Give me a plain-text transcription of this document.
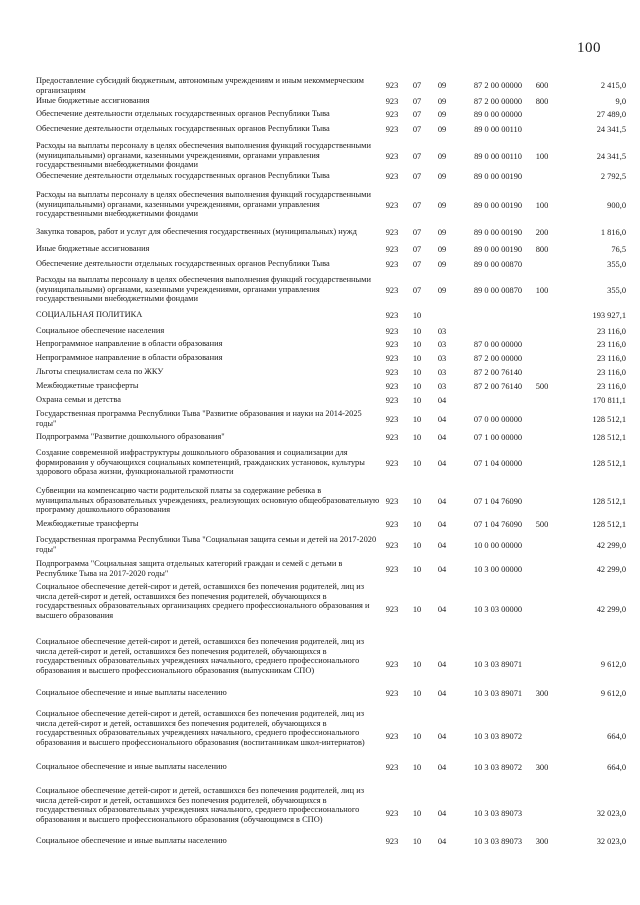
100
Предоставление субсидий бюджетным, автономным учреждениям и иным некоммерческим организациям
923	07	09	87 2 00 00000	600	2 415,0
Иные бюджетные ассигнования	923	07	09	87 2 00 00000	800	9,0
Обеспечение деятельности отдельных государственных органов Республики Тыва	923	07	09	89 0 00 00000	27 489,0
Обеспечение деятельности отдельных государственных органов Республики Тыва	923	07	09	89 0 00 00110	24 341,5
Расходы на выплаты персоналу в целях обеспечения выполнения функций государственными (муниципальными) органами, казенными учреждениями, органами управления государственными внебюджетными фондами
923	07	09	89 0 00 00110	100	24 341,5
Обеспечение деятельности отдельных государственных органов Республики Тыва	923	07	09	89 0 00 00190	2 792,5
Расходы на выплаты персоналу в целях обеспечения выполнения функций государственными (муниципальными) органами, казенными учреждениями, органами управления государственными внебюджетными фондами
923	07	09	89 0 00 00190	100	900,0
Закупка товаров, работ и услуг для обеспечения государственных (муниципальных) нужд	923	07	09	89 0 00 00190	200	1 816,0
Иные бюджетные ассигнования	923	07	09	89 0 00 00190	800	76,5
Обеспечение деятельности отдельных государственных органов Республики Тыва	923	07	09	89 0 00 00870	355,0
Расходы на выплаты персоналу в целях обеспечения выполнения функций государственными (муниципальными) органами, казенными учреждениями, органами управления государственными внебюджетными фондами
923	07	09	89 0 00 00870	100	355,0
СОЦИАЛЬНАЯ ПОЛИТИКА	923	10	193 927,1
Социальное обеспечение населения	923	10	03	23 116,0
Непрограммное направление в области образования	923	10	03	87 0 00 00000	23 116,0
Непрограммное направление в области образования	923	10	03	87 2 00 00000	23 116,0
Льготы специалистам села по ЖКУ	923	10	03	87 2 00 76140	23 116,0
Межбюджетные трансферты	923	10	03	87 2 00 76140	500	23 116,0
Охрана семьи и детства	923	10	04	170 811,1
Государственная программа Республики Тыва "Развитие образования и науки на 2014-2025 годы"	923	10	04	07 0 00 00000	128 512,1
Подпрограмма "Развитие дошкольного образования"	923	10	04	07 1 00 00000	128 512,1
Создание современной инфраструктуры дошкольного образования и социализации для формирования у обучающихся социальных компетенций, гражданских установок, культуры здорового образа жизни, функциональной грамотности
923	10	04	07 1 04 00000	128 512,1
Субвенции на компенсацию части родительской платы за содержание ребенка в муниципальных образовательных учреждениях, реализующих основную общеобразовательную программу дошкольного образования
923	10	04	07 1 04 76090	128 512,1
Межбюджетные трансферты	923	10	04	07 1 04 76090	500	128 512,1
Государственная программа Республики Тыва "Социальная защита семьи и детей на 2017-2020 годы"	923	10	04	10 0 00 00000	42 299,0
Подпрограмма "Социальная защита отдельных категорий граждан и семей с детьми в Республике Тыва на 2017-2020 годы"	923	10	04	10 3 00 00000	42 299,0
Социальное обеспечение детей-сирот и детей, оставшихся без попечения родителей, лиц из числа детей-сирот и детей, оставшихся без попечения родителей, обучающихся в государственных образовательных организациях среднего профессионального образования и высшего образования
923	10	04	10 3 03 00000	42 299,0
Социальное обеспечение детей-сирот и детей, оставшихся без попечения родителей, лиц из числа детей-сирот и детей, оставшихся без попечения родителей, обучающихся в государственных образовательных учреждениях начального, среднего профессионального образования и высшего профессионального образования (выпускникам СПО)
923	10	04	10 3 03 89071	9 612,0
Социальное обеспечение и иные выплаты населению	923	10	04	10 3 03 89071	300	9 612,0
Социальное обеспечение детей-сирот и детей, оставшихся без попечения родителей, лиц из числа детей-сирот и детей, оставшихся без попечения родителей, обучающихся в государственных образовательных учреждениях начального, среднего профессионального образования и высшего профессионального образования (воспитанникам школ-интернатов)
923	10	04	10 3 03 89072	664,0
Социальное обеспечение и иные выплаты населению	923	10	04	10 3 03 89072	300	664,0
Социальное обеспечение детей-сирот и детей, оставшихся без попечения родителей, лиц из числа детей-сирот и детей, оставшихся без попечения родителей, обучающихся в государственных образовательных учреждениях начального, среднего профессионального образования и высшего профессионального образования (обучающимся в СПО)
923	10	04	10 3 03 89073	32 023,0
Социальное обеспечение и иные выплаты населению	923	10	04	10 3 03 89073	300	32 023,0
